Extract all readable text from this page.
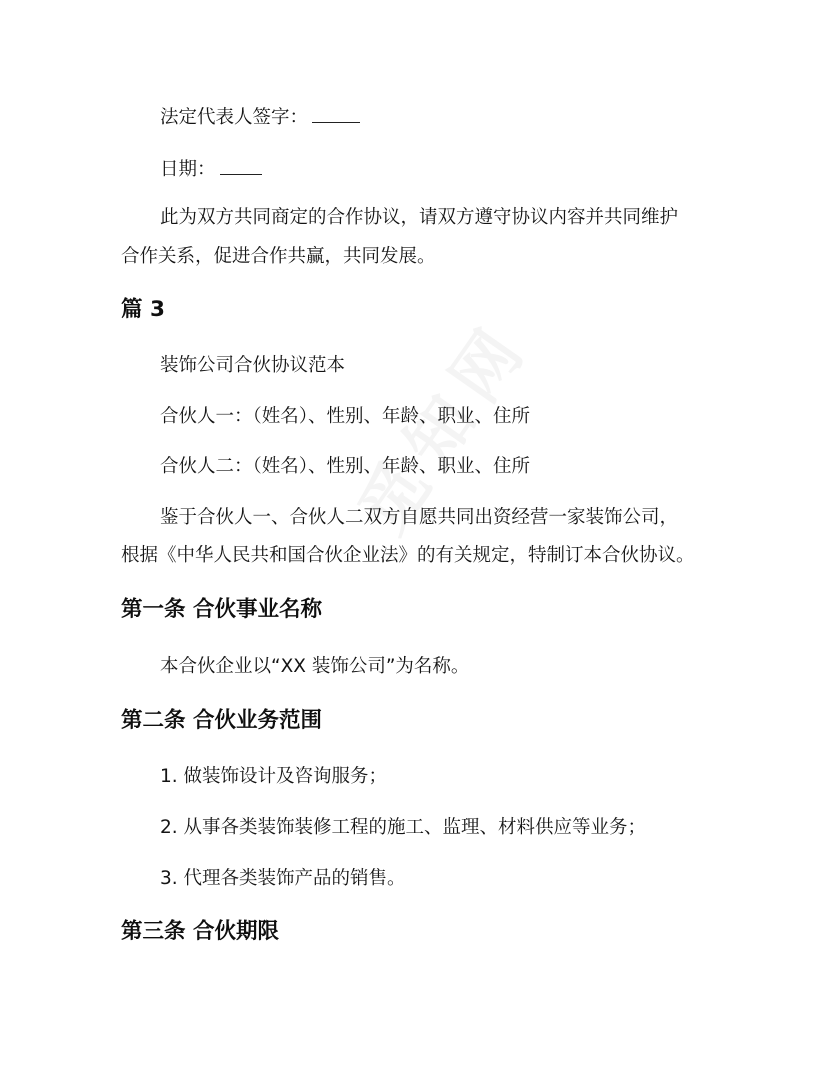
法定代表人签字：
日期：
此为双方共同商定的合作协议，请双方遵守协议内容并共同维护
合作关系，促进合作共赢，共同发展。
篇 3
装饰公司合伙协议范本
合伙人一：（姓名）、性别、年龄、职业、住所
合伙人二：（姓名）、性别、年龄、职业、住所
鉴于合伙人一、合伙人二双方自愿共同出资经营一家装饰公司，
根据《中华人民共和国合伙企业法》的有关规定，特制订本合伙协议。
第一条 合伙事业名称
本合伙企业以“XX 装饰公司”为名称。
第二条 合伙业务范围
1. 做装饰设计及咨询服务；
2. 从事各类装饰装修工程的施工、监理、材料供应等业务；
3. 代理各类装饰产品的销售。
第三条 合伙期限
